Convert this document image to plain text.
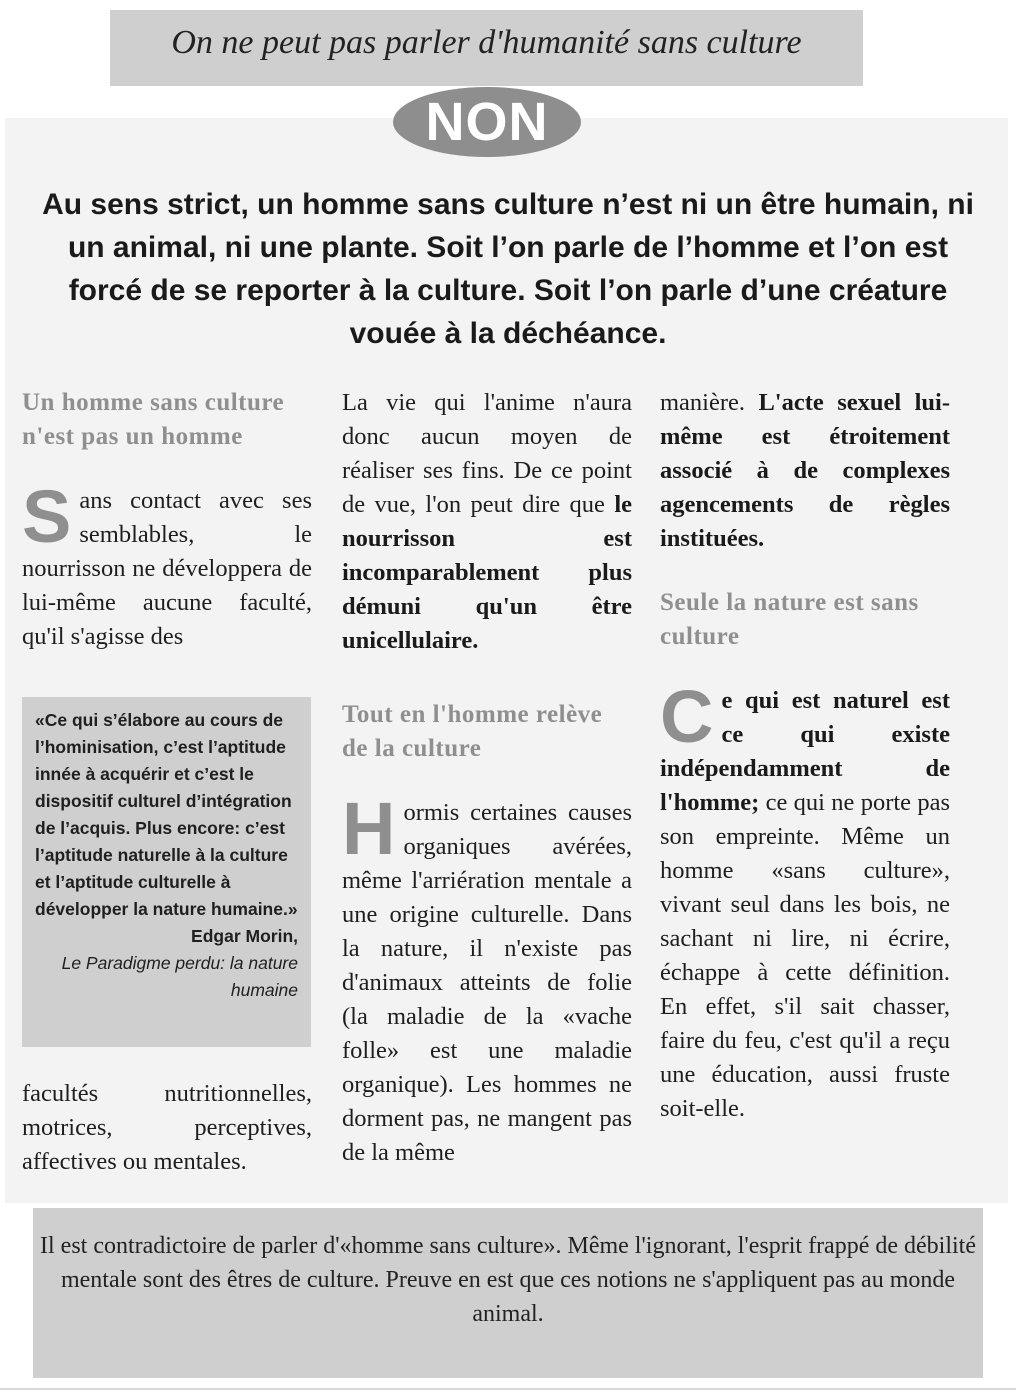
On ne peut pas parler d'humanité sans culture
NON
Au sens strict, un homme sans culture n’est ni un être humain, ni un animal, ni une plante. Soit l’on parle de l’homme et l’on est forcé de se reporter à la culture. Soit l’on parle d’une créature vouée à la déchéance.

Un homme sans culture n'est pas un homme

Sans contact avec ses semblables, le nourrisson ne développera de lui-même aucune faculté, qu'il s'agisse des

«Ce qui s’élabore au cours de l’hominisation, c’est l’aptitude innée à acquérir et c’est le dispositif culturel d’intégration de l’acquis. Plus encore: c’est l’aptitude naturelle à la culture et l’aptitude culturelle à développer la nature humaine.»

Edgar Morin,

Le Paradigme perdu: la nature humaine

facultés nutritionnelles, motrices, perceptives, affectives ou mentales.

La vie qui l'anime n'aura donc aucun moyen de réaliser ses fins. De ce point de vue, l'on peut dire que le nourrisson est incomparablement plus démuni qu'un être unicellulaire.

Tout en l'homme relève de la culture

Hormis certaines causes organiques avérées, même l'arriération mentale a une origine culturelle. Dans la nature, il n'existe pas d'animaux atteints de folie (la maladie de la «vache folle» est une maladie organique). Les hommes ne dorment pas, ne mangent pas de la même

manière. L'acte sexuel lui-même est étroitement associé à de complexes agencements de règles instituées.

Seule la nature est sans culture

Ce qui est naturel est ce qui existe indépendamment de l'homme; ce qui ne porte pas son empreinte. Même un homme «sans culture», vivant seul dans les bois, ne sachant ni lire, ni écrire, échappe à cette définition. En effet, s'il sait chasser, faire du feu, c'est qu'il a reçu une éducation, aussi fruste soit-elle.

Il est contradictoire de parler d'«homme sans culture». Même l'ignorant, l'esprit frappé de débilité mentale sont des êtres de culture. Preuve en est que ces notions ne s'appliquent pas au monde animal.
